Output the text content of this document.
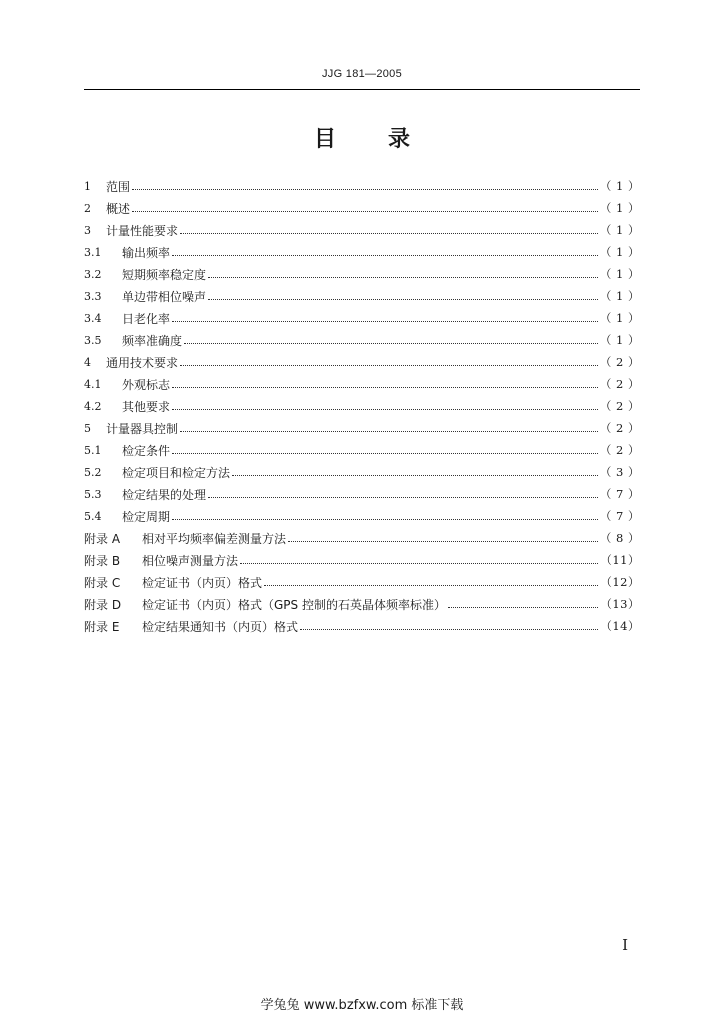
JJG 181—2005
目 录
1	范围	（ 1 ）
2	概述	（ 1 ）
3	计量性能要求	（ 1 ）
3.1	输出频率	（ 1 ）
3.2	短期频率稳定度	（ 1 ）
3.3	单边带相位噪声	（ 1 ）
3.4	日老化率	（ 1 ）
3.5	频率准确度	（ 1 ）
4	通用技术要求	（ 2 ）
4.1	外观标志	（ 2 ）
4.2	其他要求	（ 2 ）
5	计量器具控制	（ 2 ）
5.1	检定条件	（ 2 ）
5.2	检定项目和检定方法	（ 3 ）
5.3	检定结果的处理	（ 7 ）
5.4	检定周期	（ 7 ）
附录 A	相对平均频率偏差测量方法	（ 8 ）
附录 B	相位噪声测量方法	（11）
附录 C	检定证书（内页）格式	（12）
附录 D	检定证书（内页）格式（GPS 控制的石英晶体频率标准）	（13）
附录 E	检定结果通知书（内页）格式	（14）
I
学兔兔 www.bzfxw.com 标准下载
